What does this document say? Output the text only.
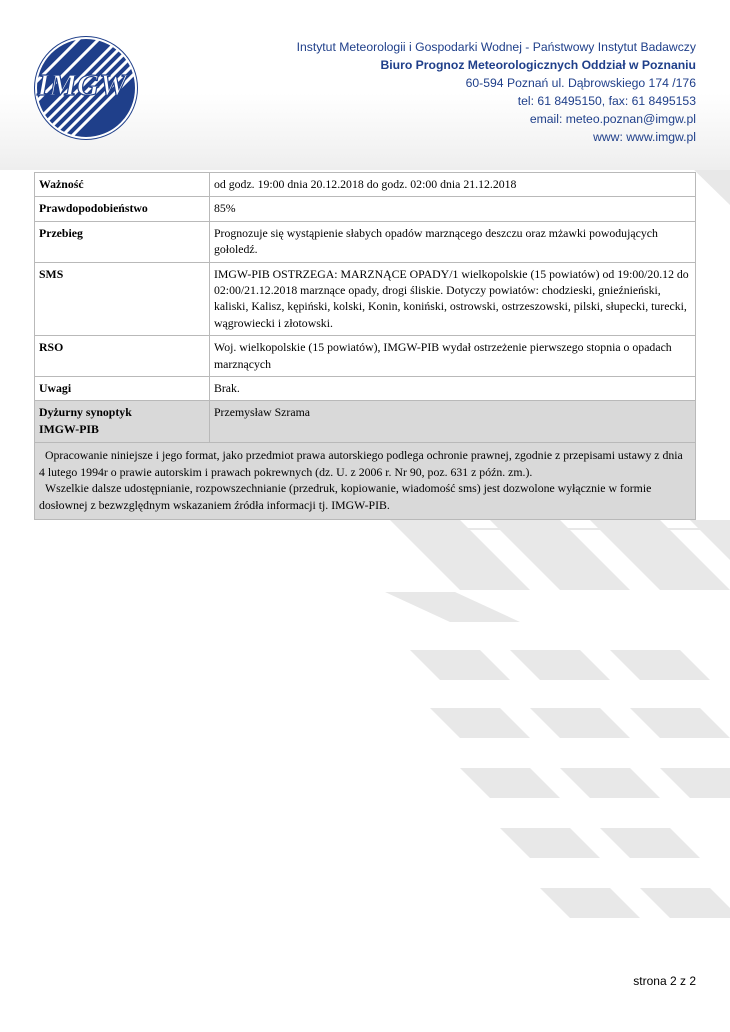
IMGW
Instytut Meteorologii i Gospodarki Wodnej - Państwowy Instytut Badawczy
Biuro Prognoz Meteorologicznych Oddział w Poznaniu
60-594 Poznań ul. Dąbrowskiego 174 /176
tel: 61 8495150, fax: 61 8495153
email: meteo.poznan@imgw.pl
www: www.imgw.pl
Ważność	od godz. 19:00 dnia 20.12.2018 do godz. 02:00 dnia 21.12.2018
Prawdopodobieństwo	85%
Przebieg	Prognozuje się wystąpienie słabych opadów marznącego deszczu oraz mżawki powodujących gołoledź.
SMS	IMGW-PIB OSTRZEGA: MARZNĄCE OPADY/1 wielkopolskie (15 powiatów) od 19:00/20.12 do 02:00/21.12.2018 marznące opady, drogi śliskie. Dotyczy powiatów: chodzieski, gnieźnieński, kaliski, Kalisz, kępiński, kolski, Konin, koniński, ostrowski, ostrzeszowski, pilski, słupecki, turecki, wągrowiecki i złotowski.
RSO	Woj. wielkopolskie (15 powiatów), IMGW-PIB wydał ostrzeżenie pierwszego stopnia o opadach marznących
Uwagi	Brak.
Dyżurny synoptyk
IMGW-PIB	Przemysław Szrama

Opracowanie niniejsze i jego format, jako przedmiot prawa autorskiego podlega ochronie prawnej, zgodnie z przepisami ustawy z dnia 4 lutego 1994r o prawie autorskim i prawach pokrewnych (dz. U. z 2006 r. Nr 90, poz. 631 z późn. zm.).
Wszelkie dalsze udostępnianie, rozpowszechnianie (przedruk, kopiowanie, wiadomość sms) jest dozwolone wyłącznie w formie dosłownej z bezwzględnym wskazaniem źródła informacji tj. IMGW-PIB.	
strona 2 z 2
